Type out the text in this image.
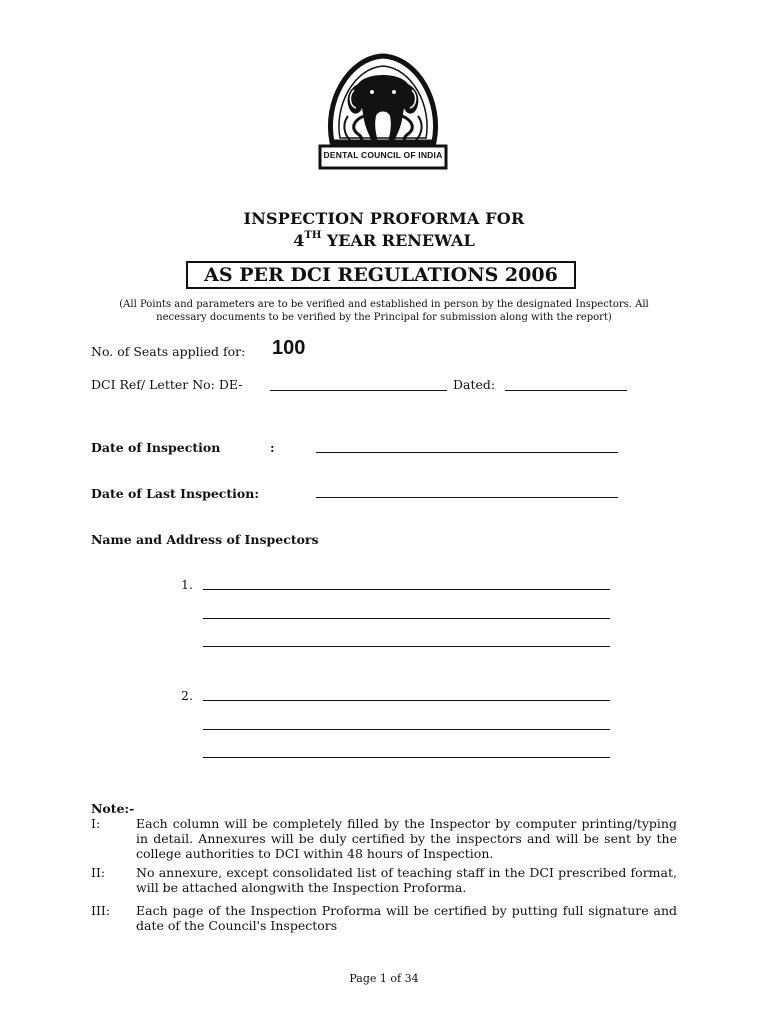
DENTAL COUNCIL OF INDIA
INSPECTION PROFORMA FOR
4TH YEAR RENEWAL
AS PER DCI REGULATIONS 2006
(All Points and parameters are to be verified and established in person by the designated Inspectors. All necessary documents to be verified by the Principal for submission along with the report)
No. of Seats applied for: 100
DCI Ref/ Letter No: DE-	Dated:
Date of Inspection	:
Date of Last Inspection:
Name and Address of Inspectors
1.
2.
Note:-
I:	Each column will be completely filled by the Inspector by computer printing/typing in detail. Annexures will be duly certified by the inspectors and will be sent by the college authorities to DCI within 48 hours of Inspection.
II: No annexure, except consolidated list of teaching staff in the DCI prescribed format, will be attached alongwith the Inspection Proforma.
III: Each page of the Inspection Proforma will be certified by putting full signature and date of the Council's Inspectors
Page 1 of 34
